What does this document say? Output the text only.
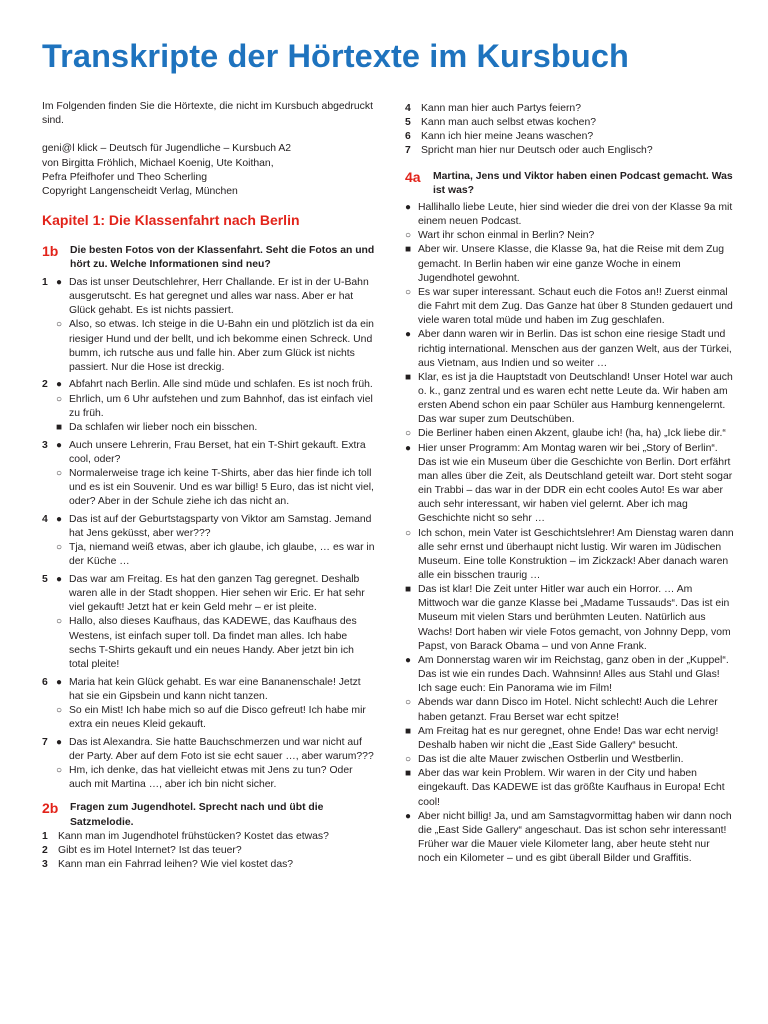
Transkripte der Hörtexte im Kursbuch

Im Folgenden finden Sie die Hörtexte, die nicht im Kursbuch abgedruckt sind.

geni@l klick – Deutsch für Jugendliche – Kursbuch A2
von Birgitta Fröhlich, Michael Koenig, Ute Koithan,
Pefra Pfeifhofer und Theo Scherling
Copyright Langenscheidt Verlag, München
Kapitel 1: Die Klassenfahrt nach Berlin
1b	Die besten Fotos von der Klassenfahrt. Seht die Fotos an und hört zu. Welche Informationen sind neu?
1 ●	Das ist unser Deutschlehrer, Herr Challande. Er ist in der U-Bahn ausgerutscht. Es hat geregnet und alles war nass. Aber er hat Glück gehabt. Es ist nichts passiert.
○
Also, so etwas. Ich steige in die U-Bahn ein und plötzlich ist da ein riesiger Hund und der bellt, und ich bekomme einen Schreck. Und bumm, ich rutsche aus und falle hin. Aber zum Glück ist nichts passiert. Nur die Hose ist dreckig.
2 ●	Abfahrt nach Berlin. Alle sind müde und schlafen. Es ist noch früh.
○
Ehrlich, um 6 Uhr aufstehen und zum Bahnhof, das ist einfach viel zu früh.
■
Da schlafen wir lieber noch ein bisschen.
3 ●	Auch unsere Lehrerin, Frau Berset, hat ein T-Shirt gekauft. Extra cool, oder?
○
Normalerweise trage ich keine T-Shirts, aber das hier finde ich toll und es ist ein Souvenir. Und es war billig! 5 Euro, das ist nicht viel, oder? Aber in der Schule ziehe ich das nicht an.
4 ●	Das ist auf der Geburtstagsparty von Viktor am Samstag. Jemand hat Jens geküsst, aber wer???
○
Tja, niemand weiß etwas, aber ich glaube, ich glaube, … es war in der Küche …
5 ●	Das war am Freitag. Es hat den ganzen Tag geregnet. Deshalb waren alle in der Stadt shoppen. Hier sehen wir Eric. Er hat sehr viel gekauft! Jetzt hat er kein Geld mehr – er ist pleite.
○
Hallo, also dieses Kaufhaus, das KADEWE, das Kaufhaus des Westens, ist einfach super toll. Da findet man alles. Ich habe sechs T-Shirts gekauft und ein neues Handy. Aber jetzt bin ich total pleite!
6 ●	Maria hat kein Glück gehabt. Es war eine Bananenschale! Jetzt hat sie ein Gipsbein und kann nicht tanzen.
○
So ein Mist! Ich habe mich so auf die Disco gefreut! Ich habe mir extra ein neues Kleid gekauft.
7 ●	Das ist Alexandra. Sie hatte Bauchschmerzen und war nicht auf der Party. Aber auf dem Foto ist sie echt sauer …, aber warum???
○
Hm, ich denke, das hat vielleicht etwas mit Jens zu tun? Oder auch mit Martina …, aber ich bin nicht sicher.
2b	Fragen zum Jugendhotel. Sprecht nach und übt die Satzmelodie.
1 Kann man im Jugendhotel frühstücken? Kostet das etwas?
2 Gibt es im Hotel Internet? Ist das teuer?
3 Kann man ein Fahrrad leihen? Wie viel kostet das?
4 Kann man hier auch Partys feiern?
5 Kann man auch selbst etwas kochen?
6 Kann ich hier meine Jeans waschen?
7 Spricht man hier nur Deutsch oder auch Englisch?
4a	Martina, Jens und Viktor haben einen Podcast gemacht. Was ist was?
●
Hallihallo liebe Leute, hier sind wieder die drei von der Klasse 9a mit einem neuen Podcast.
○
Wart ihr schon einmal in Berlin? Nein?
■
Aber wir. Unsere Klasse, die Klasse 9a, hat die Reise mit dem Zug gemacht. In Berlin haben wir eine ganze Woche in einem Jugendhotel gewohnt.
○
Es war super interessant. Schaut euch die Fotos an!! Zuerst einmal die Fahrt mit dem Zug. Das Ganze hat über 8 Stunden gedauert und viele waren total müde und haben im Zug geschlafen.
●
Aber dann waren wir in Berlin. Das ist schon eine riesige Stadt und richtig international. Menschen aus der ganzen Welt, aus der Türkei, aus Vietnam, aus Indien und so weiter …
■
Klar, es ist ja die Hauptstadt von Deutschland! Unser Hotel war auch o. k., ganz zentral und es waren echt nette Leute da. Wir haben am ersten Abend schon ein paar Schüler aus Hamburg kennengelernt. Das war super zum Deutschüben.
○
Die Berliner haben einen Akzent, glaube ich! (ha, ha) „Ick liebe dir.“
●
Hier unser Programm: Am Montag waren wir bei „Story of Berlin“. Das ist wie ein Museum über die Geschichte von Berlin. Dort erfährt man alles über die Zeit, als Deutschland geteilt war. Dort steht sogar ein Trabbi – das war in der DDR ein echt cooles Auto! Es war aber auch sehr interessant, wir haben viel gelernt. Aber ich mag Geschichte nicht so sehr …
○
Ich schon, mein Vater ist Geschichtslehrer! Am Dienstag waren dann alle sehr ernst und überhaupt nicht lustig. Wir waren im Jüdischen Museum. Eine tolle Konstruktion – im Zickzack! Aber danach waren alle ein bisschen traurig …
■
Das ist klar! Die Zeit unter Hitler war auch ein Horror. … Am Mittwoch war die ganze Klasse bei „Madame Tussauds“. Das ist ein Museum mit vielen Stars und berühmten Leuten. Natürlich aus Wachs! Dort haben wir viele Fotos gemacht, von Johnny Depp, vom Papst, von Barack Obama – und von Anne Frank.
●
Am Donnerstag waren wir im Reichstag, ganz oben in der „Kuppel“. Das ist wie ein rundes Dach. Wahnsinn! Alles aus Stahl und Glas! Ich sage euch: Ein Panorama wie im Film!
○
Abends war dann Disco im Hotel. Nicht schlecht! Auch die Lehrer haben getanzt. Frau Berset war echt spitze!
■
Am Freitag hat es nur geregnet, ohne Ende! Das war echt nervig! Deshalb haben wir nicht die „East Side Gallery“ besucht.
○
Das ist die alte Mauer zwischen Ostberlin und Westberlin.
■
Aber das war kein Problem. Wir waren in der City und haben eingekauft. Das KADEWE ist das größte Kaufhaus in Europa! Echt cool!
●
Aber nicht billig! Ja, und am Samstagvormittag haben wir dann noch die „East Side Gallery“ angeschaut. Das ist schon sehr interessant! Früher war die Mauer viele Kilometer lang, aber heute steht nur noch ein Kilometer – und es gibt überall Bilder und Graffitis.
